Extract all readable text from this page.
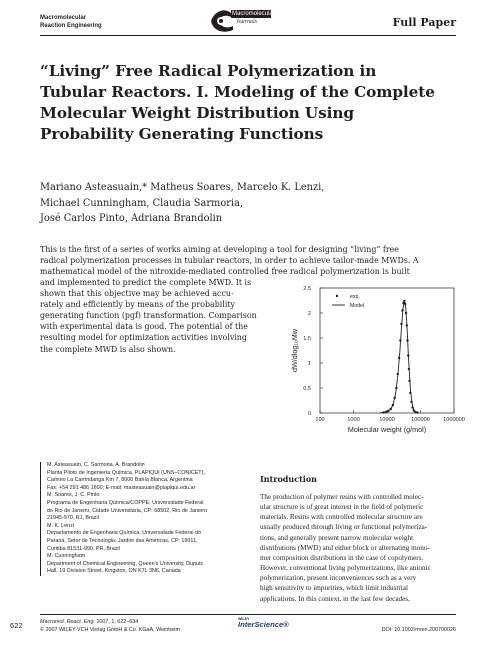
Macromolecular
Reaction Engineering
Macromolecular
Journals	Full Paper
“Living” Free Radical Polymerization in
Tubular Reactors. I. Modeling of the Complete
Molecular Weight Distribution Using
Probability Generating Functions
Mariano Asteasuain,* Matheus Soares, Marcelo K. Lenzi,
Michael Cunningham, Claudia Sarmoria,
José Carlos Pinto, Adriana Brandolin
This is the first of a series of works aiming at developing a tool for designing “living” free
radical polymerization processes in tubular reactors, in order to achieve tailor-made MWDs. A
mathematical model of the nitroxide-mediated controlled free radical polymerization is built
and implemented to predict the complete MWD. It is
shown that this objective may be achieved accu-
rately and efficiently by means of the probability
generating function (pgf) transformation. Comparison
with experimental data is good. The potential of the
resulting model for optimization activities involving
the complete MWD is also shown.
100	1000	10000	100000 1000000
0
0.5
1
1.5
2
2.5
Molecular weight (g/mol)
dW/dlog₁₀Mw
exp.
Model
M. Asteasuain, C. Sarmoria, A. Brandolin
Planta Piloto de Ingeniería Química, PLAPIQUI (UNS–CONICET),
Camino La Carrindanga Km 7, 8000 Bahía Blanca, Argentina
Fax: +54 291 486 1600; E-mail: masteasuain@plapiqui.edu.ar
M. Soares, J. C. Pinto
Programa de Engenharia Química/COPPE, Universidade Federal
do Rio de Janeiro, Cidade Universitária, CP: 68502, Rio de Janeiro
21945-970, RJ, Brazil
M. K. Lenzi
Departamento de Engenharia Química, Universidade Federal do
Paraná, Setor de Tecnologia, Jardim das Américas, CP: 19011,
Curitiba 81531-990, PR, Brazil
M. Cunningham
Department of Chemical Engineering, Queen’s University, Dupuis
Hall, 19 Division Street, Kingston, ON K7L 3N6, Canada
Introduction
The production of polymer resins with controlled molec-
ular structure is of great interest in the field of polymeric
materials. Resins with controlled molecular structure are
usually produced through living or functional polymeriza-
tions, and generally present narrow molecular weight
distributions (MWD) and either block or alternating mono-
mer composition distributions in the case of copolymers.
However, conventional living polymerizations, like anionic
polymerization, present inconveniences such as a very
high sensitivity to impurities, which limit industrial
applications. In this context, in the last few decades,
622	Macromol. React. Eng. 2007, 1, 622–634
© 2007 WILEY-VCH Verlag GmbH & Co. KGaA, Weinheim
WILEY
InterScience®
DOI: 10.1002/mren.200700026
